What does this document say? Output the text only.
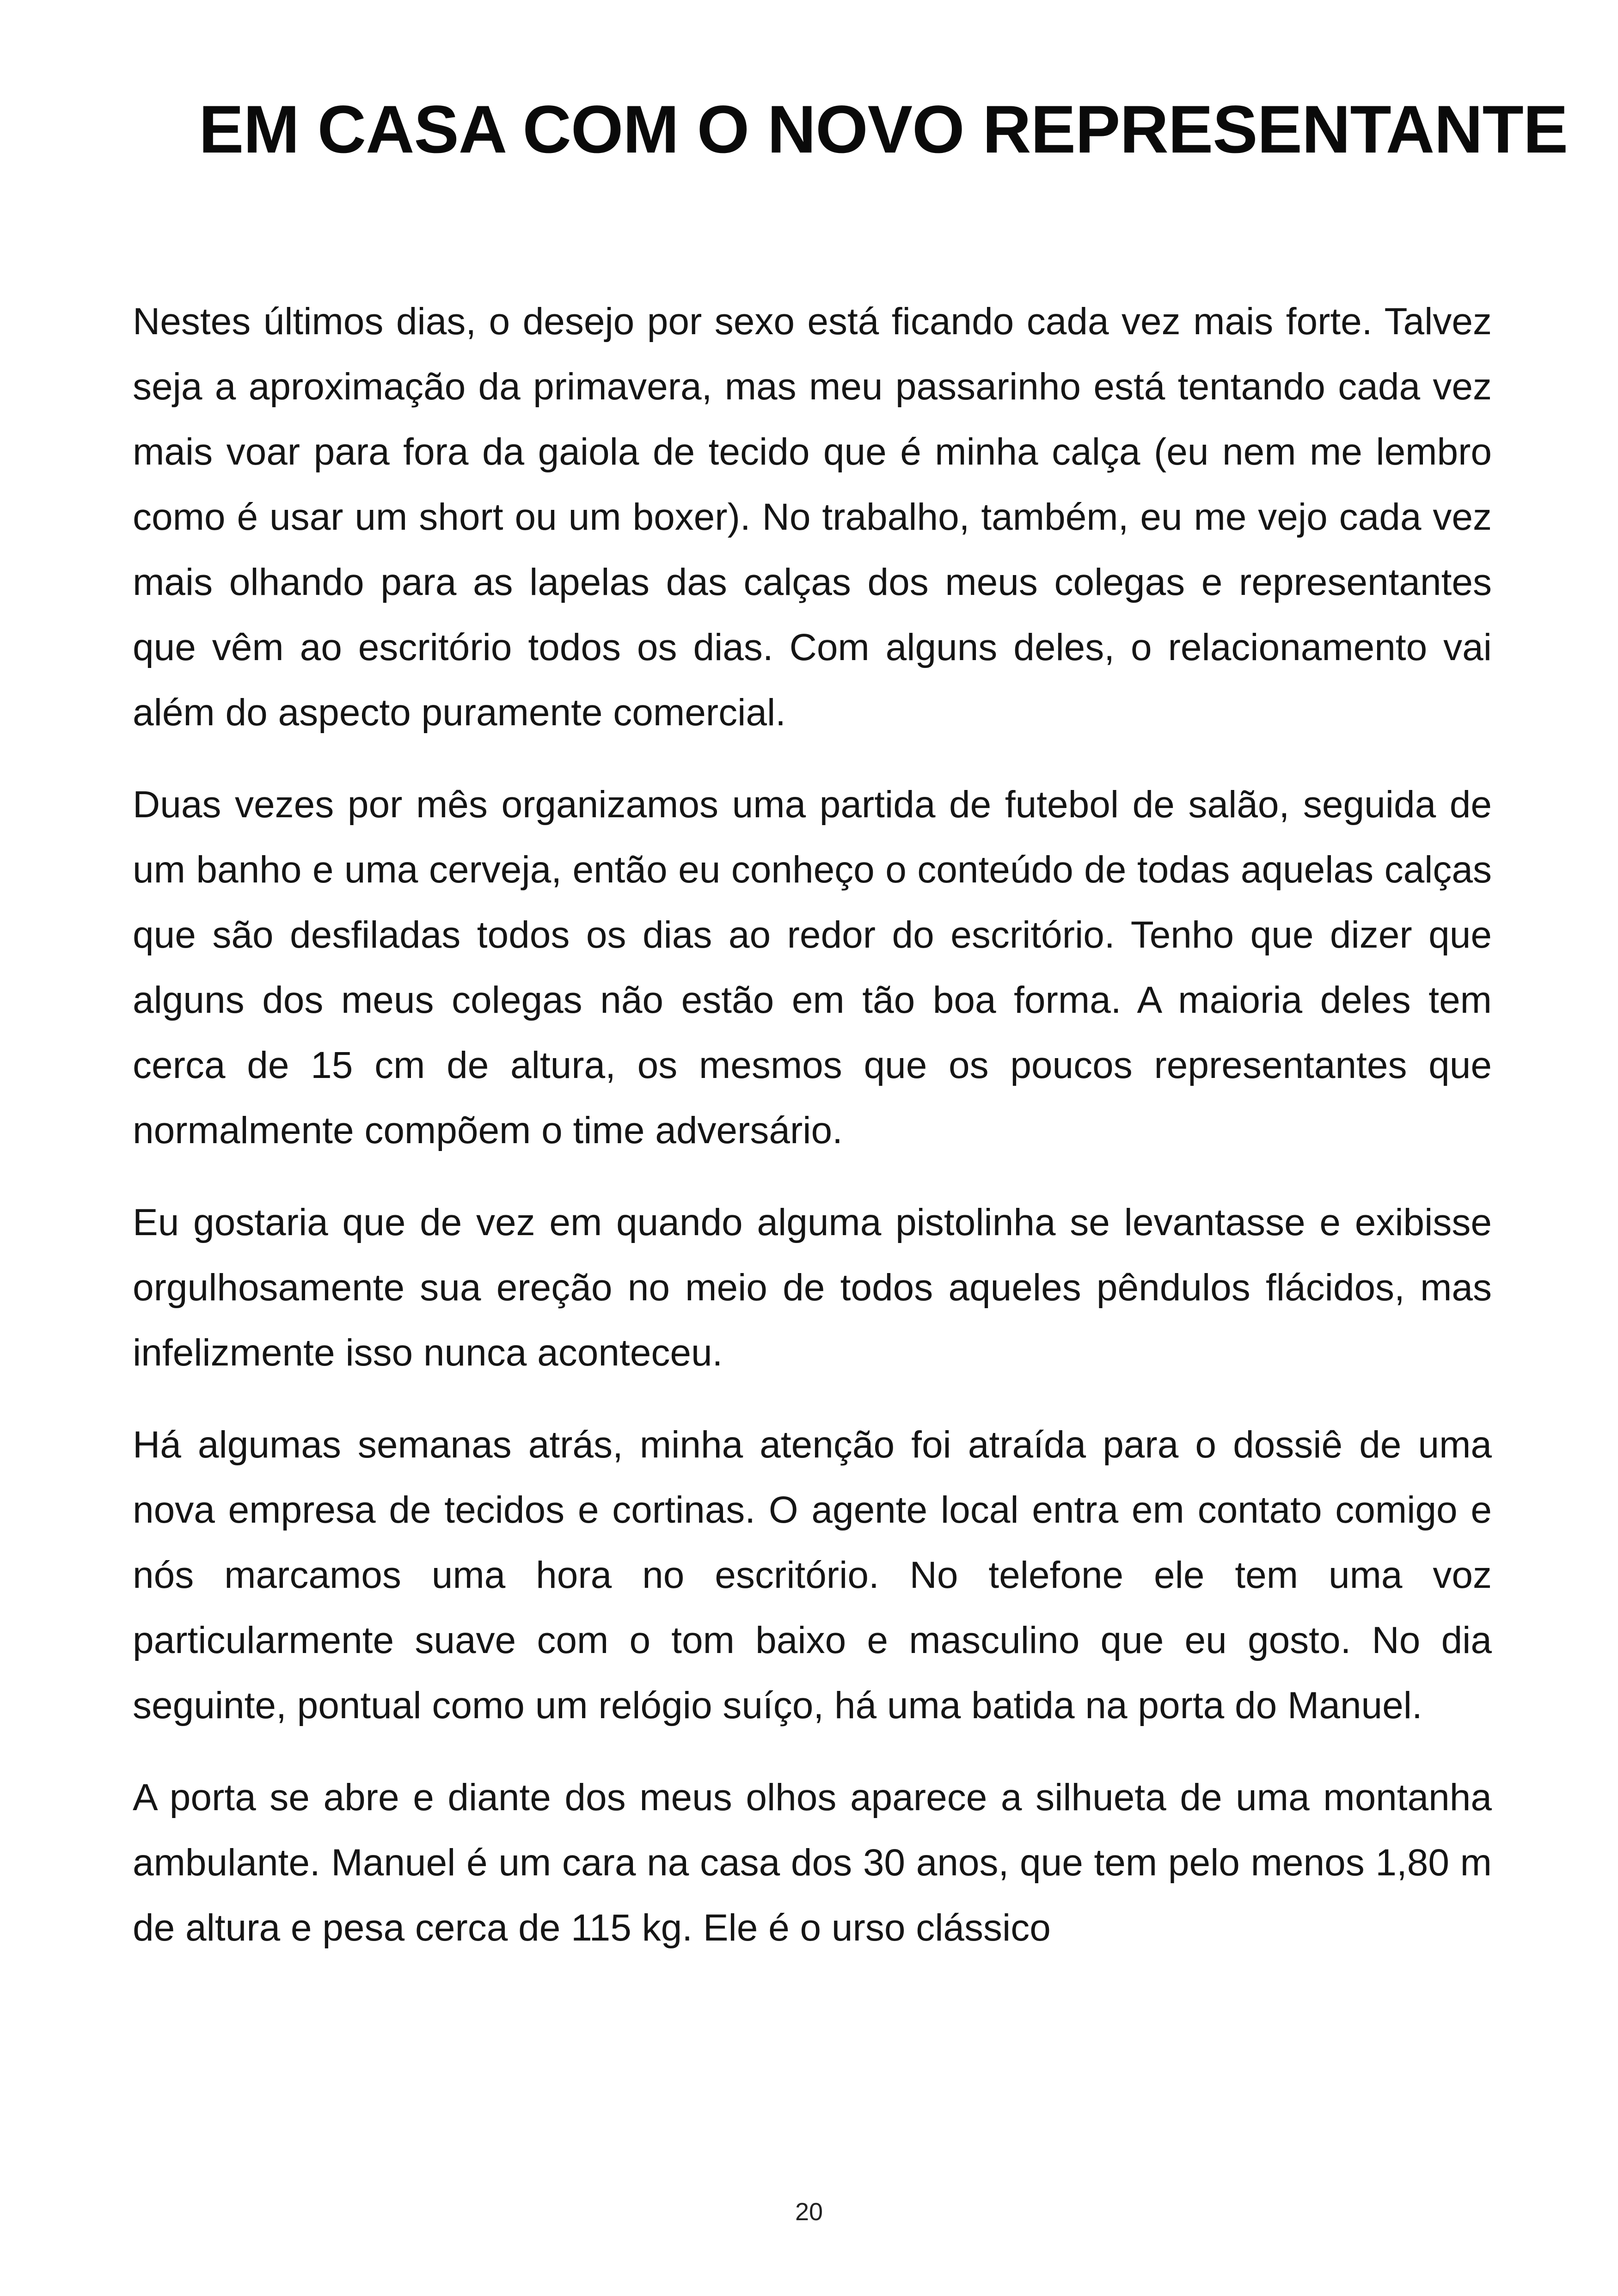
EM CASA COM O NOVO REPRESENTANTE

Nestes últimos dias, o desejo por sexo está ficando cada vez mais forte. Talvez seja a aproximação da primavera, mas meu passarinho está tentando cada vez mais voar para fora da gaiola de tecido que é minha calça (eu nem me lembro como é usar um short ou um boxer). No trabalho, também, eu me vejo cada vez mais olhando para as lapelas das calças dos meus colegas e representantes que vêm ao escritório todos os dias. Com alguns deles, o relacionamento vai além do aspecto puramente comercial.

Duas vezes por mês organizamos uma partida de futebol de salão, seguida de um banho e uma cerveja, então eu conheço o conteúdo de todas aquelas calças que são desfiladas todos os dias ao redor do escritório. Tenho que dizer que alguns dos meus colegas não estão em tão boa forma. A maioria deles tem cerca de 15 cm de altura, os mesmos que os poucos representantes que normalmente compõem o time adversário.

Eu gostaria que de vez em quando alguma pistolinha se levantasse e exibisse orgulhosamente sua ereção no meio de todos aqueles pêndulos flácidos, mas infelizmente isso nunca aconteceu.

Há algumas semanas atrás, minha atenção foi atraída para o dossiê de uma nova empresa de tecidos e cortinas. O agente local entra em contato comigo e nós marcamos uma hora no escritório. No telefone ele tem uma voz particularmente suave com o tom baixo e masculino que eu gosto. No dia seguinte, pontual como um relógio suíço, há uma batida na porta do Manuel.

A porta se abre e diante dos meus olhos aparece a silhueta de uma montanha ambulante. Manuel é um cara na casa dos 30 anos, que tem pelo menos 1,80 m de altura e pesa cerca de 115 kg. Ele é o urso clássico

20
